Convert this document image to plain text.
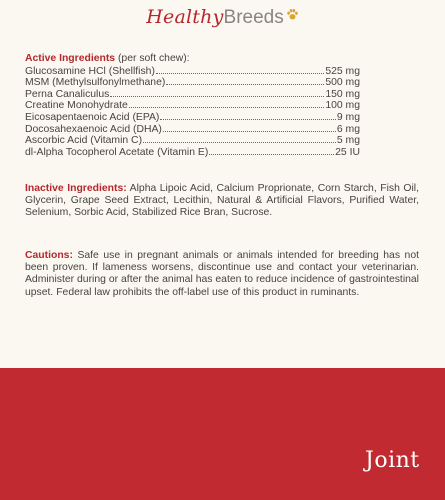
HealthyBreeds
Active Ingredients (per soft chew):
Glucosamine HCl (Shellfish)	525 mg
MSM (Methylsulfonylmethane)	500 mg
Perna Canaliculus	150 mg
Creatine Monohydrate	100 mg
Eicosapentaenoic Acid (EPA)	9 mg
Docosahexaenoic Acid (DHA)	6 mg
Ascorbic Acid (Vitamin C)	5 mg
dl-Alpha Tocopherol Acetate (Vitamin E)	25 IU
Inactive Ingredients: Alpha Lipoic Acid, Calcium Proprionate, Corn Starch, Fish Oil, Glycerin, Grape Seed Extract, Lecithin, Natural & Artificial Flavors, Purified Water, Selenium, Sorbic Acid, Stabilized Rice Bran, Sucrose.
Cautions: Safe use in pregnant animals or animals intended for breeding has not been proven. If lameness worsens, discontinue use and contact your veterinarian. Administer during or after the animal has eaten to reduce incidence of gastrointestinal upset. Federal law prohibits the off-label use of this product in ruminants.
Joint
